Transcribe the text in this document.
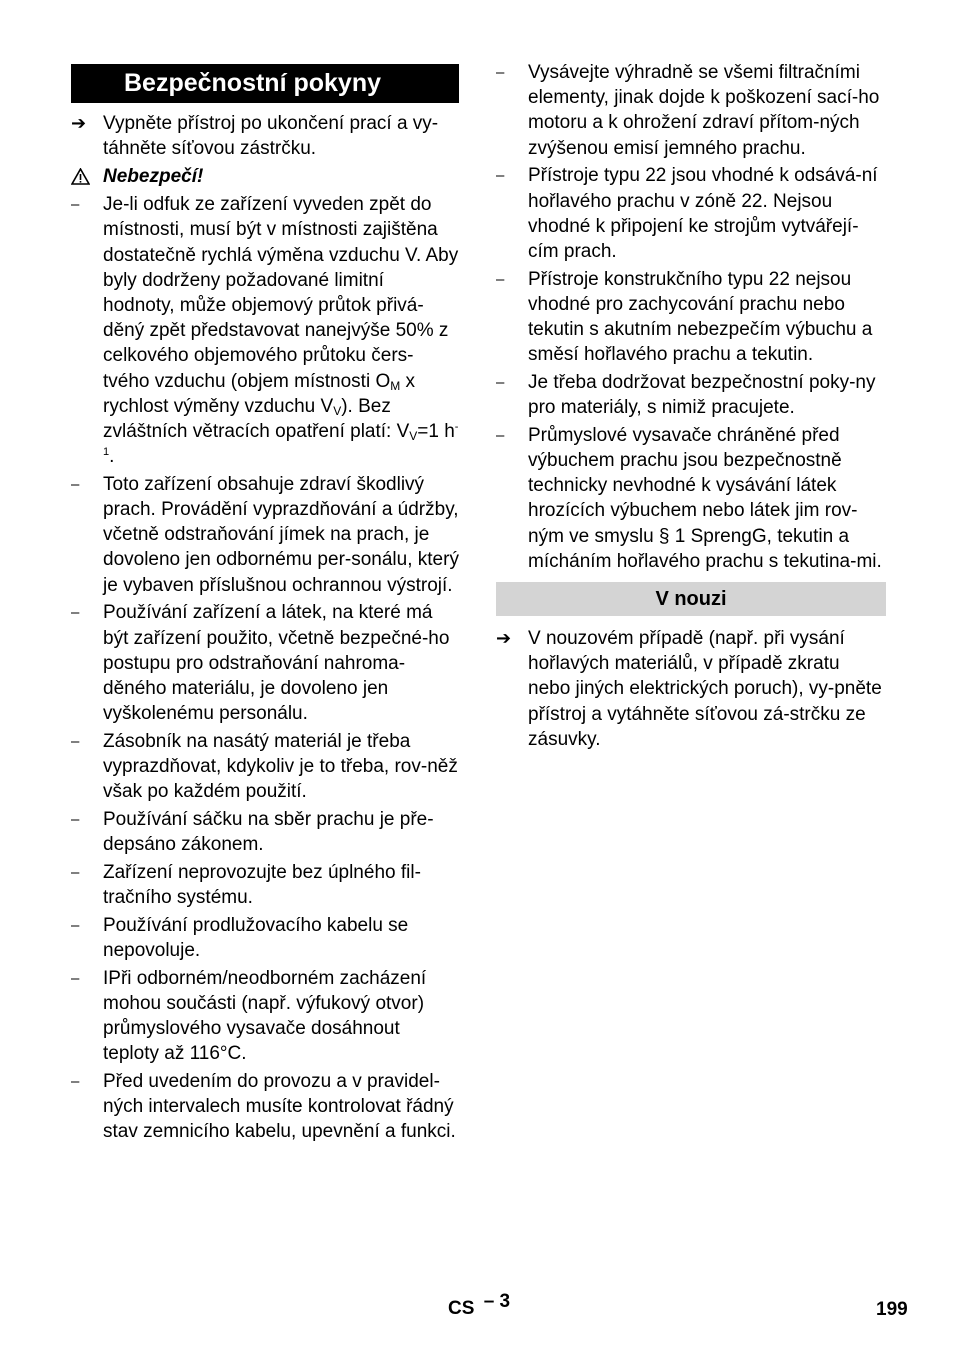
Bezpečnostní pokyny
➔ Vypněte přístroj po ukončení prací a vy-táhněte síťovou zástrčku.
Nebezpečí!
–	Je-li odfuk ze zařízení vyveden zpět do místnosti, musí být v místnosti zajištěna dostatečně rychlá výměna vzduchu V. Aby byly dodrženy požadované limitní hodnoty, může objemový průtok přivá-děný zpět představovat nanejvýše 50% z celkového objemového průtoku čers-tvého vzduchu (objem místnosti $O_M$ x rychlost výměny vzduchu $V_V$). Bez zvláštních větracích opatření platí: $V_V=1$ $h^{-1}$.
–	Toto zařízení obsahuje zdraví škodlivý prach. Provádění vyprazdňování a údržby, včetně odstraňování jímek na prach, je dovoleno jen odbornému per-sonálu, který je vybaven příslušnou ochrannou výstrojí.
–	Používání zařízení a látek, na které má být zařízení použito, včetně bezpečné-ho postupu pro odstraňování nahroma-děného materiálu, je dovoleno jen vyškolenému personálu.
–	Zásobník na nasátý materiál je třeba vyprazdňovat, kdykoliv je to třeba, rov-něž však po každém použití.
–	Používání sáčku na sběr prachu je pře-depsáno zákonem.
–	Zařízení neprovozujte bez úplného fil-tračního systému.
–	Používání prodlužovacího kabelu se nepovoluje.
–	IPři odborném/neodborném zacházení mohou součásti (např. výfukový otvor) průmyslového vysavače dosáhnout teploty až 116°C.
–	Před uvedením do provozu a v pravidel-ných intervalech musíte kontrolovat řádný stav zemnicího kabelu, upevnění a funkci.
–	Vysávejte výhradně se všemi filtračními elementy, jinak dojde k poškození sací-ho motoru a k ohrožení zdraví přítom-ných zvýšenou emisí jemného prachu.
–	Přístroje typu 22 jsou vhodné k odsává-ní hořlavého prachu v zóně 22. Nejsou vhodné k připojení ke strojům vytvářejí-cím prach.
–	Přístroje konstrukčního typu 22 nejsou vhodné pro zachycování prachu nebo tekutin s akutním nebezpečím výbuchu a směsí hořlavého prachu a tekutin.
–	Je třeba dodržovat bezpečnostní poky-ny pro materiály, s nimiž pracujete.
–	Průmyslové vysavače chráněné před výbuchem prachu jsou bezpečnostně technicky nevhodné k vysávání látek hrozících výbuchem nebo látek jim rov-ným ve smyslu § 1 SprengG, tekutin a mícháním hořlavého prachu s tekutina-mi.
V nouzi
➔ V nouzovém případě (např. při vysání hořlavých materiálů, v případě zkratu nebo jiných elektrických poruch), vy-pněte přístroj a vytáhněte síťovou zá-strčku ze zásuvky.
CS – 3	199
